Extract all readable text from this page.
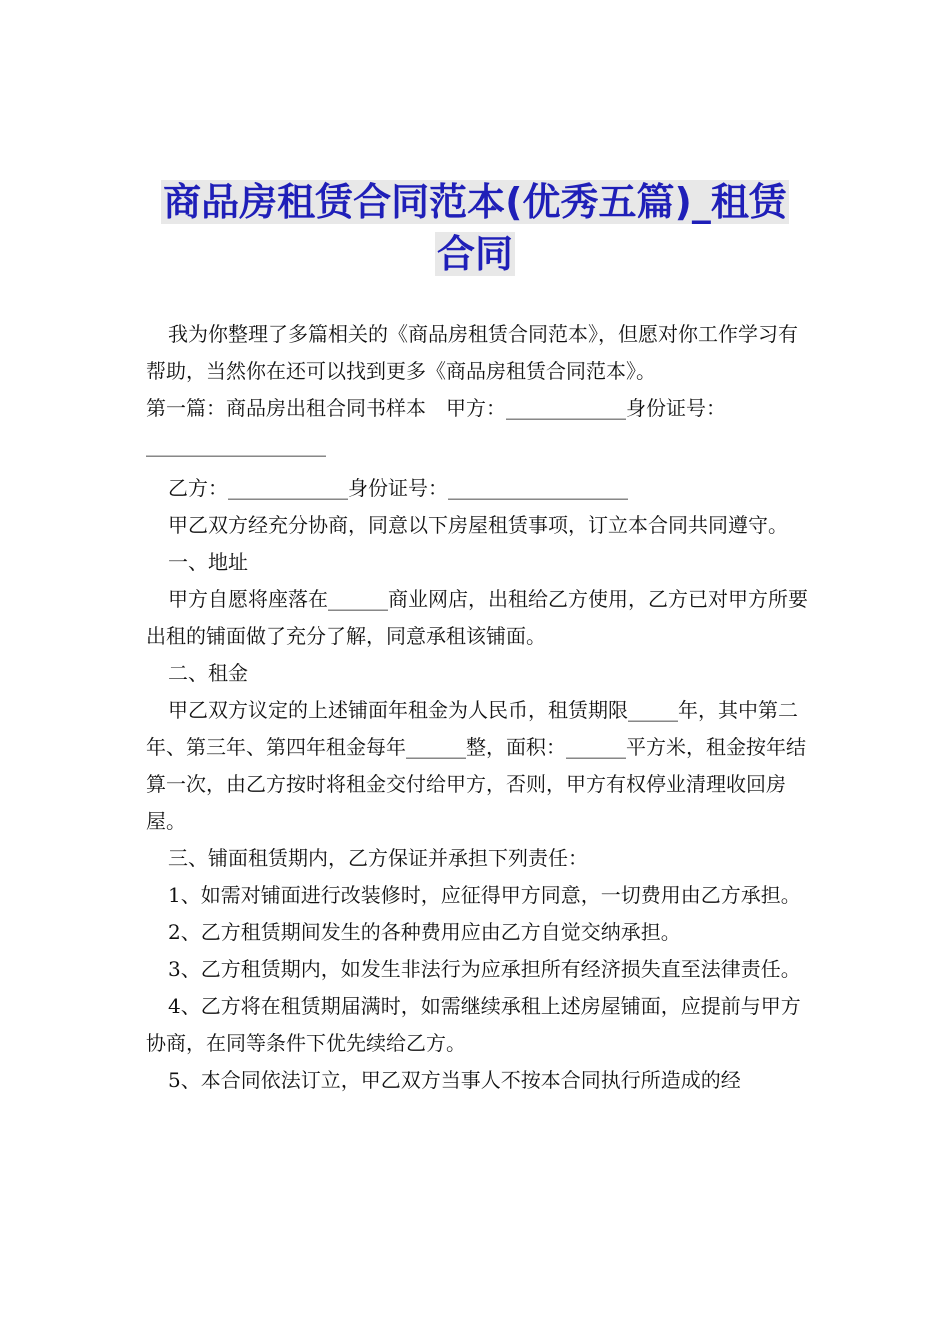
商品房租赁合同范本(优秀五篇)_租赁
合同

我为你整理了多篇相关的《商品房租赁合同范本》，但愿对你工作学习有帮助，当然你在还可以找到更多《商品房租赁合同范本》。

第一篇：商品房出租合同书样本　甲方：____________身份证号：__________________

乙方：____________身份证号：__________________

甲乙双方经充分协商，同意以下房屋租赁事项，订立本合同共同遵守。

一、地址

甲方自愿将座落在______商业网店，出租给乙方使用，乙方已对甲方所要出租的铺面做了充分了解，同意承租该铺面。

二、租金

甲乙双方议定的上述铺面年租金为人民币，租赁期限_____年，其中第二年、第三年、第四年租金每年______整，面积：______平方米，租金按年结算一次，由乙方按时将租金交付给甲方，否则，甲方有权停业清理收回房屋。

三、铺面租赁期内，乙方保证并承担下列责任：

1、如需对铺面进行改装修时，应征得甲方同意，一切费用由乙方承担。

2、乙方租赁期间发生的各种费用应由乙方自觉交纳承担。

3、乙方租赁期内，如发生非法行为应承担所有经济损失直至法律责任。

4、乙方将在租赁期届满时，如需继续承租上述房屋铺面，应提前与甲方协商，在同等条件下优先续给乙方。

5、本合同依法订立，甲乙双方当事人不按本合同执行所造成的经
